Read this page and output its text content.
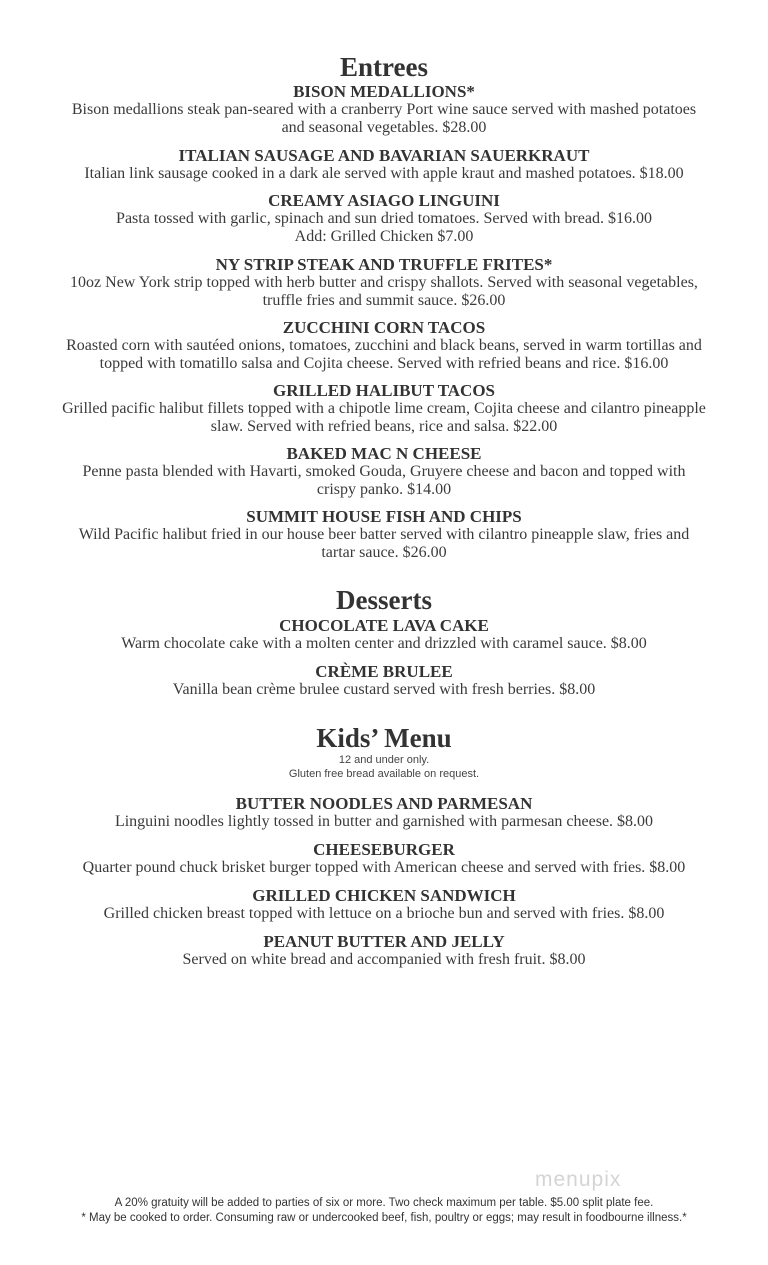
Entrees
BISON MEDALLIONS*
Bison medallions steak pan-seared with a cranberry Port wine sauce served with mashed potatoes
and seasonal vegetables. $28.00
ITALIAN SAUSAGE AND BAVARIAN SAUERKRAUT
Italian link sausage cooked in a dark ale served with apple kraut and mashed potatoes. $18.00
CREAMY ASIAGO LINGUINI
Pasta tossed with garlic, spinach and sun dried tomatoes. Served with bread. $16.00
Add: Grilled Chicken $7.00
NY STRIP STEAK AND TRUFFLE FRITES*
10oz New York strip topped with herb butter and crispy shallots. Served with seasonal vegetables,
truffle fries and summit sauce. $26.00
ZUCCHINI CORN TACOS
Roasted corn with sautéed onions, tomatoes, zucchini and black beans, served in warm tortillas and
topped with tomatillo salsa and Cojita cheese. Served with refried beans and rice. $16.00
GRILLED HALIBUT TACOS
Grilled pacific halibut fillets topped with a chipotle lime cream, Cojita cheese and cilantro pineapple
slaw. Served with refried beans, rice and salsa. $22.00
BAKED MAC N CHEESE
Penne pasta blended with Havarti, smoked Gouda, Gruyere cheese and bacon and topped with
crispy panko. $14.00
SUMMIT HOUSE FISH AND CHIPS
Wild Pacific halibut fried in our house beer batter served with cilantro pineapple slaw, fries and
tartar sauce. $26.00
Desserts
CHOCOLATE LAVA CAKE
Warm chocolate cake with a molten center and drizzled with caramel sauce. $8.00
CRÈME BRULEE
Vanilla bean crème brulee custard served with fresh berries. $8.00
Kids’ Menu
12 and under only.
Gluten free bread available on request.
BUTTER NOODLES AND PARMESAN
Linguini noodles lightly tossed in butter and garnished with parmesan cheese. $8.00
CHEESEBURGER
Quarter pound chuck brisket burger topped with American cheese and served with fries. $8.00
GRILLED CHICKEN SANDWICH
Grilled chicken breast topped with lettuce on a brioche bun and served with fries. $8.00
PEANUT BUTTER AND JELLY
Served on white bread and accompanied with fresh fruit. $8.00
menupix
A 20% gratuity will be added to parties of six or more. Two check maximum per table. $5.00 split plate fee.
* May be cooked to order. Consuming raw or undercooked beef, fish, poultry or eggs; may result in foodbourne illness.*
